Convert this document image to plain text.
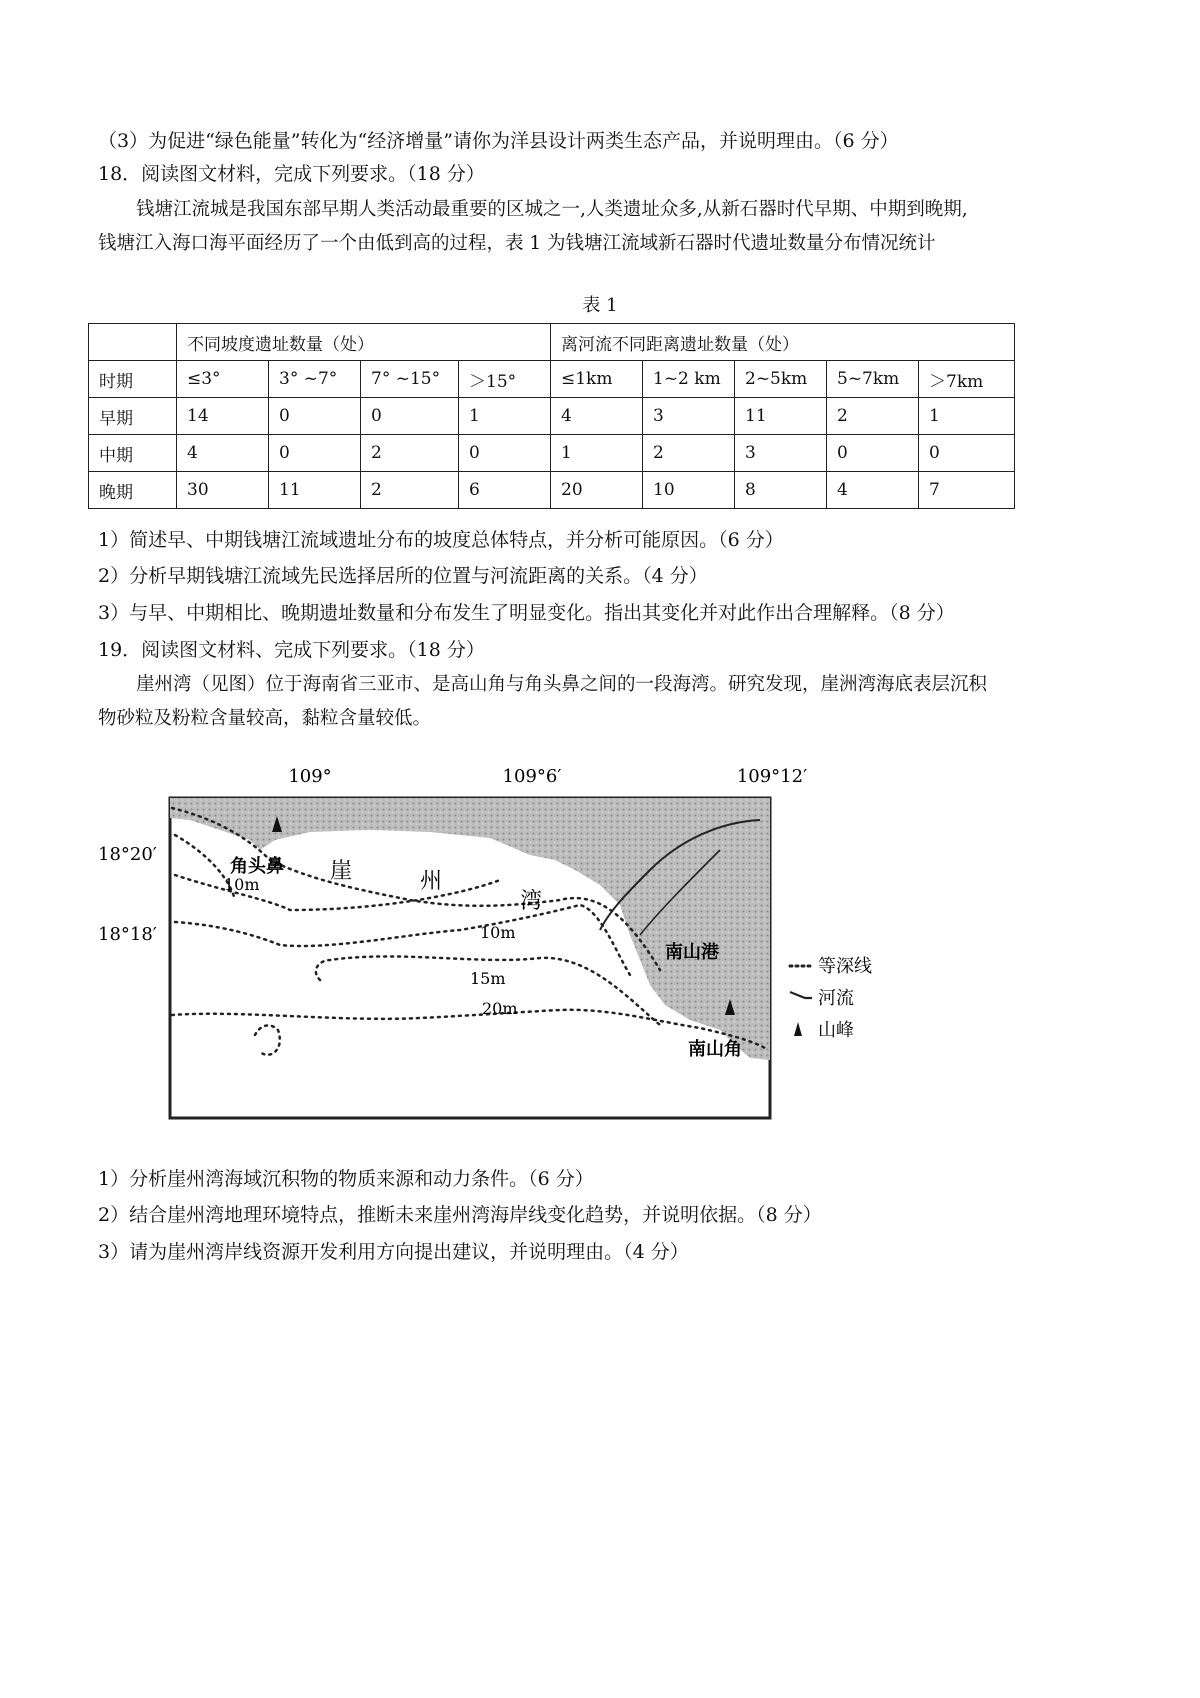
（3）为促进“绿色能量”转化为“经济增量”请你为洋县设计两类生态产品，并说明理由。（6 分）
18．阅读图文材料，完成下列要求。（18 分）
钱塘江流城是我国东部早期人类活动最重要的区城之一,人类遗址众多,从新石器时代早期、中期到晚期,
钱塘江入海口海平面经历了一个由低到高的过程，表 1 为钱塘江流域新石器时代遗址数量分布情况统计
表 1
	不同坡度遗址数量（处）				离河流不同距离遗址数量（处）				
时期	≤3°	3° ~7°	7° ~15°	＞15°	≤1km	1~2 km	2~5km	5~7km	＞7km
早期	14	0	0	1	4	3	11	2	1
中期	4	0	2	0	1	2	3	0	0
晚期	30	11	2	6	20	10	8	4	7
1）简述早、中期钱塘江流域遗址分布的坡度总体特点，并分析可能原因。（6 分）
2）分析早期钱塘江流域先民选择居所的位置与河流距离的关系。（4 分）
3）与早、中期相比、晚期遗址数量和分布发生了明显变化。指出其变化并对此作出合理解释。（8 分）
19．阅读图文材料、完成下列要求。（18 分）
崖州湾（见图）位于海南省三亚市、是高山角与角头鼻之间的一段海湾。研究发现，崖洲湾海底表层沉积
物砂粒及粉粒含量较高，黏粒含量较低。
109°	109°6′	109°12′
角头鼻 崖	州
湾
南山港
南山角
10m
10m
15m
20m
18°20′
18°18′
等深线
河流
山峰
1）分析崖州湾海域沉积物的物质来源和动力条件。（6 分）
2）结合崖州湾地理环境特点，推断未来崖州湾海岸线变化趋势，并说明依据。（8 分）
3）请为崖州湾岸线资源开发利用方向提出建议，并说明理由。（4 分）
